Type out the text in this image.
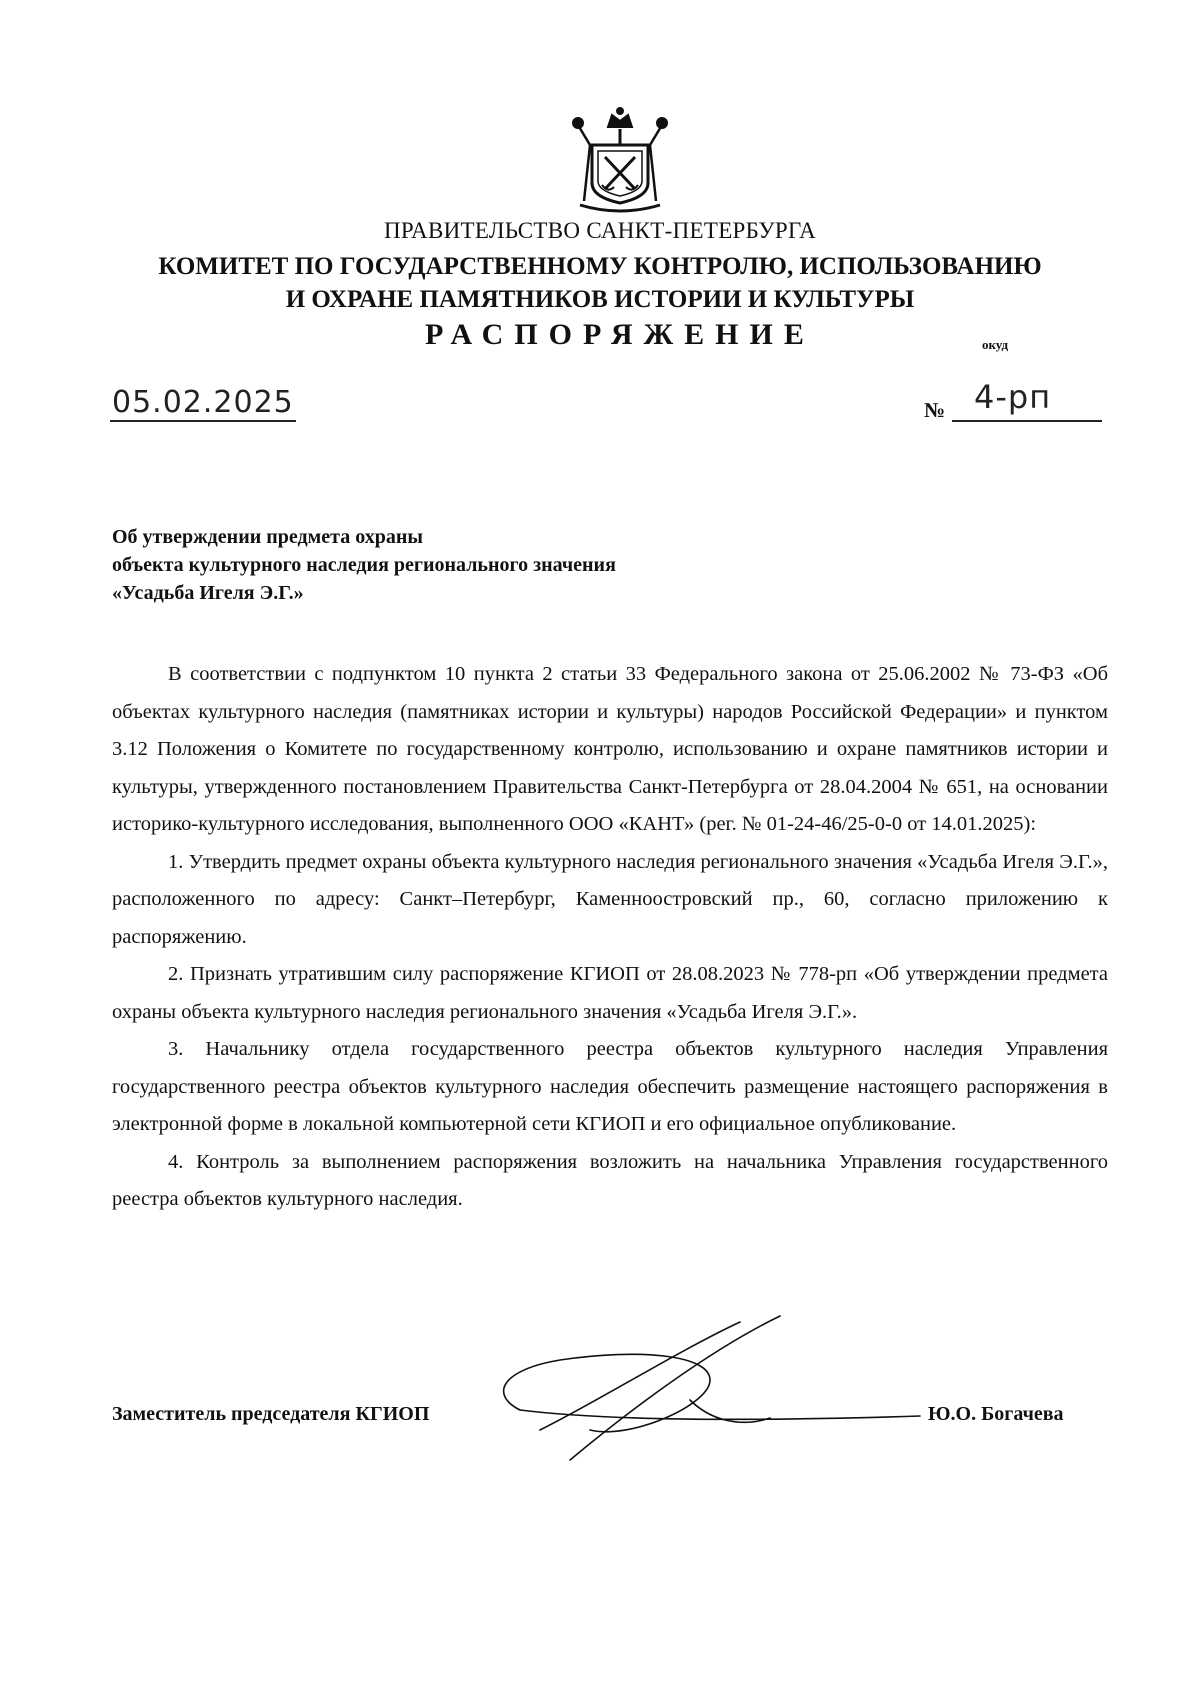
ПРАВИТЕЛЬСТВО САНКТ-ПЕТЕРБУРГА
КОМИТЕТ ПО ГОСУДАРСТВЕННОМУ КОНТРОЛЮ, ИСПОЛЬЗОВАНИЮ
И ОХРАНЕ ПАМЯТНИКОВ ИСТОРИИ И КУЛЬТУРЫ
РАСПОРЯЖЕНИЕ	окуд
05.02.2025	№ 4-рп
Об утверждении предмета охраны
объекта культурного наследия регионального значения
«Усадьба Игеля Э.Г.»

В соответствии с подпунктом 10 пункта 2 статьи 33 Федерального закона от 25.06.2002 № 73-ФЗ «Об объектах культурного наследия (памятниках истории и культуры) народов Российской Федерации» и пунктом 3.12 Положения о Комитете по государственному контролю, использованию и охране памятников истории и культуры, утвержденного постановлением Правительства Санкт-Петербурга от 28.04.2004 № 651, на основании историко-культурного исследования, выполненного ООО «КАНТ» (рег. № 01-24-46/25-0-0 от 14.01.2025):

1. Утвердить предмет охраны объекта культурного наследия регионального значения «Усадьба Игеля Э.Г.», расположенного по адресу: Санкт–Петербург, Каменноостровский пр., 60, согласно приложению к распоряжению.

2. Признать утратившим силу распоряжение КГИОП от 28.08.2023 № 778-рп «Об утверждении предмета охраны объекта культурного наследия регионального значения «Усадьба Игеля Э.Г.».

3. Начальнику отдела государственного реестра объектов культурного наследия Управления государственного реестра объектов культурного наследия обеспечить размещение настоящего распоряжения в электронной форме в локальной компьютерной сети КГИОП и его официальное опубликование.

4. Контроль за выполнением распоряжения возложить на начальника Управления государственного реестра объектов культурного наследия.

Заместитель председателя КГИОП	Ю.О. Богачева
